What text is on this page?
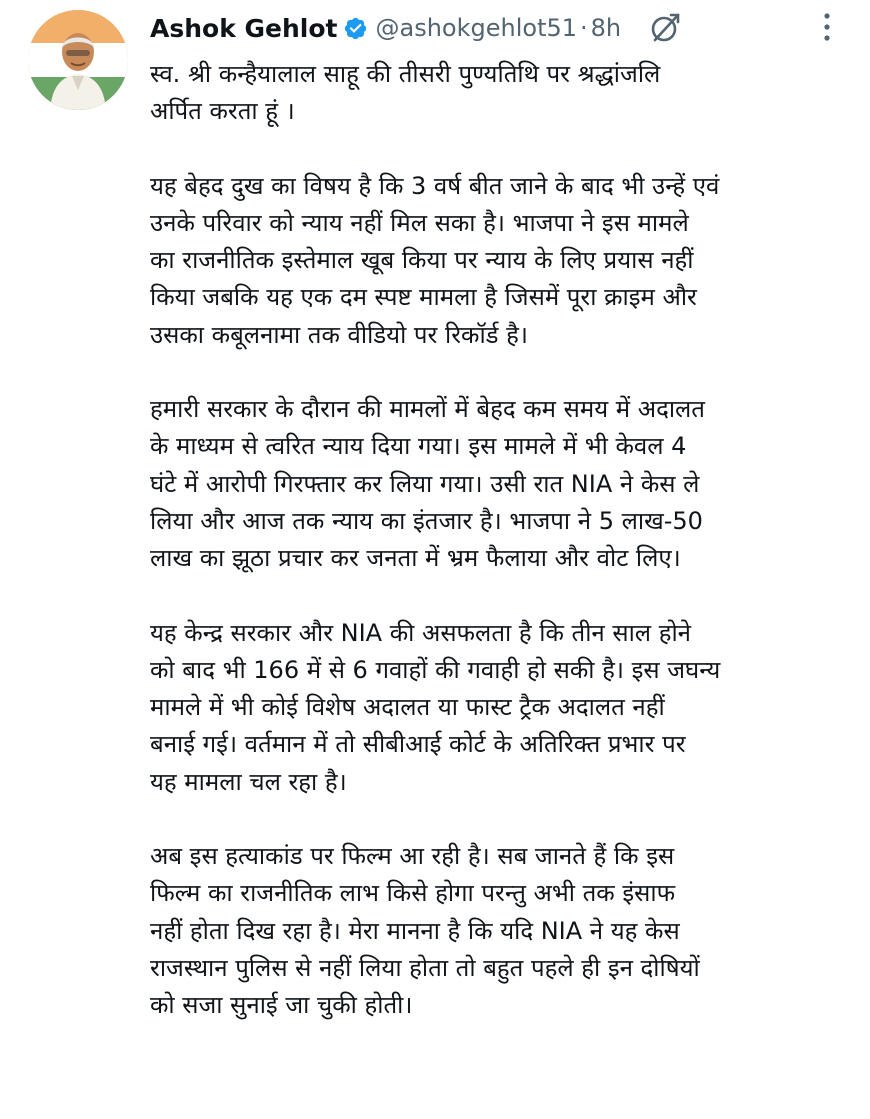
Ashok Gehlot @ashokgehlot51 · 8h

स्व. श्री कन्हैयालाल साहू की तीसरी पुण्यतिथि पर श्रद्धांजलि
अर्पित करता हूं ।

यह बेहद दुख का विषय है कि 3 वर्ष बीत जाने के बाद भी उन्हें एवं
उनके परिवार को न्याय नहीं मिल सका है। भाजपा ने इस मामले
का राजनीतिक इस्तेमाल खूब किया पर न्याय के लिए प्रयास नहीं
किया जबकि यह एक दम स्पष्ट मामला है जिसमें पूरा क्राइम और
उसका कबूलनामा तक वीडियो पर रिकॉर्ड है।

हमारी सरकार के दौरान की मामलों में बेहद कम समय में अदालत
के माध्यम से त्वरित न्याय दिया गया। इस मामले में भी केवल 4
घंटे में आरोपी गिरफ्तार कर लिया गया। उसी रात NIA ने केस ले
लिया और आज तक न्याय का इंतजार है। भाजपा ने 5 लाख-50
लाख का झूठा प्रचार कर जनता में भ्रम फैलाया और वोट लिए।

यह केन्द्र सरकार और NIA की असफलता है कि तीन साल होने
को बाद भी 166 में से 6 गवाहों की गवाही हो सकी है। इस जघन्य
मामले में भी कोई विशेष अदालत या फास्ट ट्रैक अदालत नहीं
बनाई गई। वर्तमान में तो सीबीआई कोर्ट के अतिरिक्त प्रभार पर
यह मामला चल रहा है।

अब इस हत्याकांड पर फिल्म आ रही है। सब जानते हैं कि इस
फिल्म का राजनीतिक लाभ किसे होगा परन्तु अभी तक इंसाफ
नहीं होता दिख रहा है। मेरा मानना है कि यदि NIA ने यह केस
राजस्थान पुलिस से नहीं लिया होता तो बहुत पहले ही इन दोषियों
को सजा सुनाई जा चुकी होती।
